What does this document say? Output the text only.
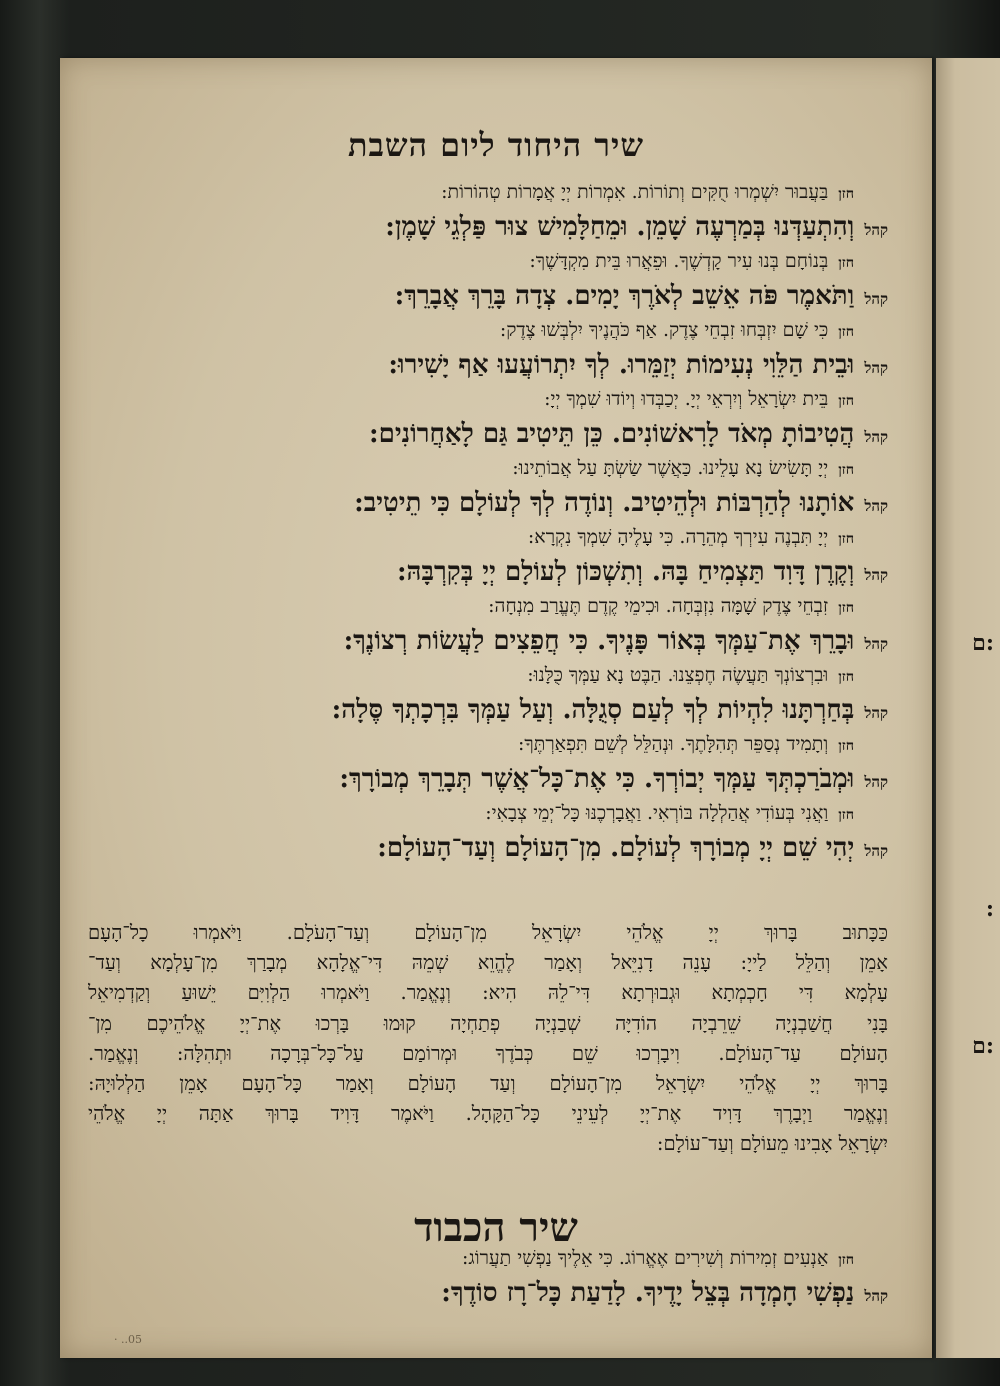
שיר היחוד ליום השבת
חזןבַּעֲבוּר יִשְׁמְרוּ חֻקִּים וְתוֹרוֹת. אִמְרוֹת יְיָ אֲמָרוֹת טְהוֹרוֹת:
קהלוְהִתְעַדְּנוּ בְּמַרְעֶה שָׁמֵן. וּמֵחַלָּמִישׁ צוּר פַּלְגֵי שָׁמֶן:
חזןבְּנוֹחָם בְּנוּ עִיר קָדְשֶׁךָ. וּפֵאֲרוּ בֵּית מִקְדָּשֶׁךָ:
קהלוַתֹּאמֶר פֹּה אֵשֵׁב לְאֹרֶךְ יָמִים. צְדָה בָּרֵךְ אֲבָרֵךְ:
חזןכִּי שָׁם יִזְבְּחוּ זִבְחֵי צֶדֶק. אַף כֹּהֲנֶיךָ יִלְבְּשׁוּ צֶדֶק:
קהלוּבֵית הַלֵּוִי נְעִימוֹת יְזַמֵּרוּ. לְךָ יִתְרוֹעֲעוּ אַף יָשִׁירוּ:
חזןבֵּית יִשְׂרָאֵל וְיִרְאֵי יְיָ. יְכַבְּדוּ וְיוֹדוּ שִׁמְךָ יְיָ:
קהלהֲטִיבוֹתָ מְאֹד לָרִאשׁוֹנִים. כֵּן תֵּיטִיב גַּם לָאַחֲרוֹנִים:
חזןיְיָ תָּשִׂישׂ נָא עָלֵינוּ. כַּאֲשֶׁר שַׂשְׂתָּ עַל אֲבוֹתֵינוּ:
קהלאוֹתָנוּ לְהַרְבּוֹת וּלְהֵיטִיב. וְנוֹדֶה לְךָ לְעוֹלָם כִּי תֵיטִיב:
חזןיְיָ תִּבְנֶה עִירְךָ מְהֵרָה. כִּי עָלֶיהָ שִׁמְךָ נִקְרָא:
קהלוְקֶרֶן דָּוִד תַּצְמִיחַ בָּהּ. וְתִשְׁכּוֹן לְעוֹלָם יְיָ בְּקִרְבָּהּ:
חזןזִבְחֵי צֶדֶק שָׁמָּה נִזְבְּחָה. וּכִימֵי קֶדֶם תֶּעֱרַב מִנְחָה:
קהלוּבָרֵךְ אֶת־עַמְּךָ בְּאוֹר פָּנֶיךָ. כִּי חֲפֵצִים לַעֲשׂוֹת רְצוֹנֶךָ:
חזןוּבִרְצוֹנְךָ תַּעֲשֶׂה חֶפְצֵנוּ. הַבֶּט נָא עַמְּךָ כֻּלָּנוּ:
קהלבְּחַרְתָּנוּ לִהְיוֹת לְךָ לְעַם סְגֻלָּה. וְעַל עַמְּךָ בִּרְכָתְךָ סֶּלָה:
חזןוְתָמִיד נְסַפֵּר תְּהִלָּתֶךָ. וּנְהַלֵּל לְשֵׁם תִּפְאַרְתֶּךָ:
קהלוּמְבֹרַכְתְּךָ עַמְּךָ יְבוֹרְךָ. כִּי אֶת־כָּל־אֲשֶׁר תְּבָרֵךְ מְבוֹרָךְ:
חזןוַאֲנִי בְּעוֹדִי אֲהַלְלָה בּוֹרְאִי. וַאֲבָרְכֶנּוּ כָּל־יְמֵי צְבָאִי:
קהליְהִי שֵׁם יְיָ מְבוֹרָךְ לְעוֹלָם. מִן־הָעוֹלָם וְעַד־הָעוֹלָם:
כַּכָּתוּב בָּרוּךְ יְיָ אֱלֹהֵי יִשְׂרָאֵל מִן־הָעוֹלָם וְעַד־הָעֹלָם. וַיֹּאמְרוּ כָל־הָעָם
אָמֵן וְהַלֵּל לַייָ: עָנֵה דָנִיֵּאל וְאָמַר לֶהֱוֵא שְׁמֵהּ דִּי־אֱלָהָא מְבָרַךְ מִן־עָלְמָא וְעַד־
עָלְמָא דִּי חָכְמְתָא וּגְבוּרְתָא דִּי־לֵהּ הִיא: וְנֶאֱמַר. וַיֹּאמְרוּ הַלְוִיִּם יֵשׁוּעַ וְקַדְמִיאֵל
בָּנִי חֲשַׁבְנְיָה שֵׁרֵבְיָה הוֹדִיָּה שְׁבַנְיָה פְתַחְיָה קוּמוּ בָּרְכוּ אֶת־יְיָ אֱלֹהֵיכֶם מִן־
הָעוֹלָם עַד־הָעוֹלָם. וִיבָרְכוּ שֵׁם כְּבֹדֶךָ וּמְרוֹמַם עַל־כָּל־בְּרָכָה וּתְהִלָּה: וְנֶאֱמַר.
בָּרוּךְ יְיָ אֱלֹהֵי יִשְׂרָאֵל מִן־הָעוֹלָם וְעַד הָעוֹלָם וְאָמַר כָּל־הָעָם אָמֵן הַלְלוּיָהּ:
וְנֶאֱמַר וַיְבָרֶךְ דָּוִיד אֶת־יְיָ לְעֵינֵי כָּל־הַקָּהָל. וַיֹּאמֶר דָּוִיד בָּרוּךְ אַתָּה יְיָ אֱלֹהֵי
יִשְׂרָאֵל אָבִינוּ מֵעוֹלָם וְעַד־עוֹלָם:
שיר הכבוד
חזןאַנְעִים זְמִירוֹת וְשִׁירִים אֶאֱרוֹג. כִּי אֵלֶיךָ נַפְשִׁי תַעֲרוֹג:
קהלנַפְשִׁי חָמְדָה בְּצֵל יָדֶיךָ. לָדַעַת כָּל־רָז סוֹדֶךָ:
· ..05
:ם
:
:ם
